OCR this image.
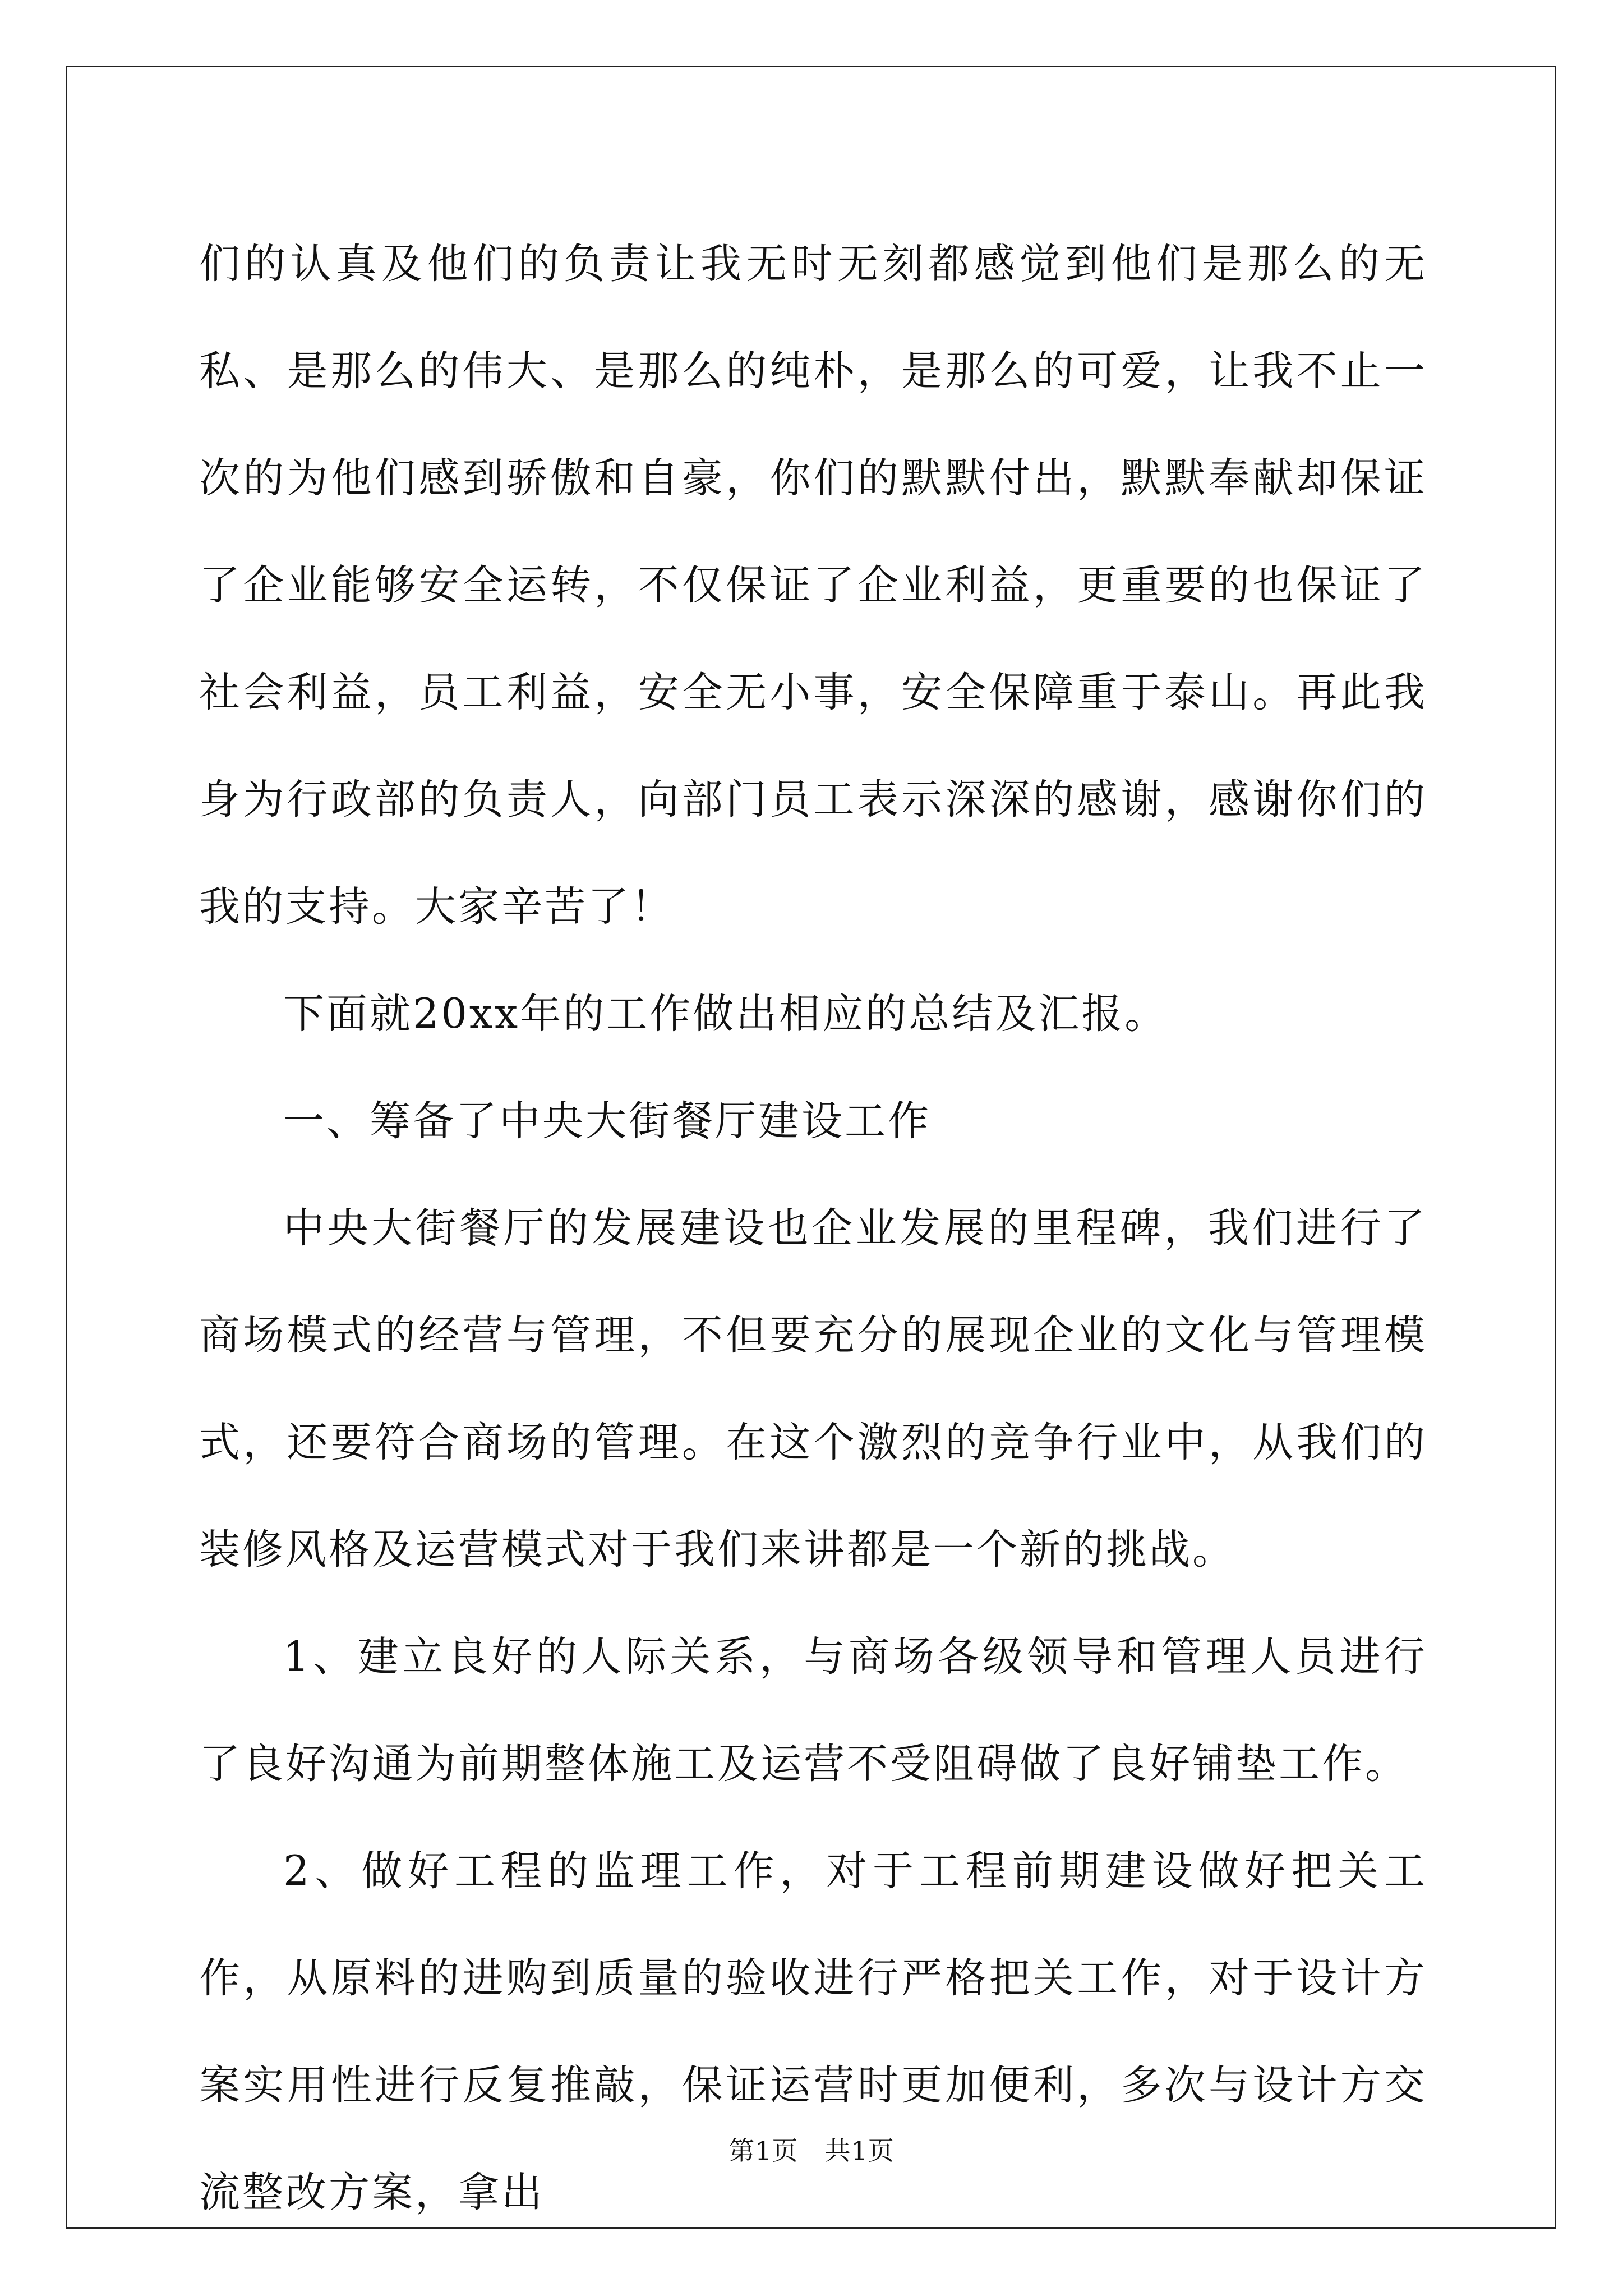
们的认真及他们的负责让我无时无刻都感觉到他们是那么的无私、是那么的伟大、是那么的纯朴，是那么的可爱，让我不止一次的为他们感到骄傲和自豪，你们的默默付出，默默奉献却保证了企业能够安全运转，不仅保证了企业利益，更重要的也保证了社会利益，员工利益，安全无小事，安全保障重于泰山。再此我身为行政部的负责人，向部门员工表示深深的感谢，感谢你们的我的支持。大家辛苦了！

下面就20xx年的工作做出相应的总结及汇报。

一、筹备了中央大街餐厅建设工作

中央大街餐厅的发展建设也企业发展的里程碑，我们进行了商场模式的经营与管理，不但要充分的展现企业的文化与管理模式，还要符合商场的管理。在这个激烈的竞争行业中，从我们的装修风格及运营模式对于我们来讲都是一个新的挑战。

1、建立良好的人际关系，与商场各级领导和管理人员进行了良好沟通为前期整体施工及运营不受阻碍做了良好铺垫工作。

2、做好工程的监理工作，对于工程前期建设做好把关工作，从原料的进购到质量的验收进行严格把关工作，对于设计方案实用性进行反复推敲，保证运营时更加便利，多次与设计方交流整改方案，拿出

第1页　共1页
